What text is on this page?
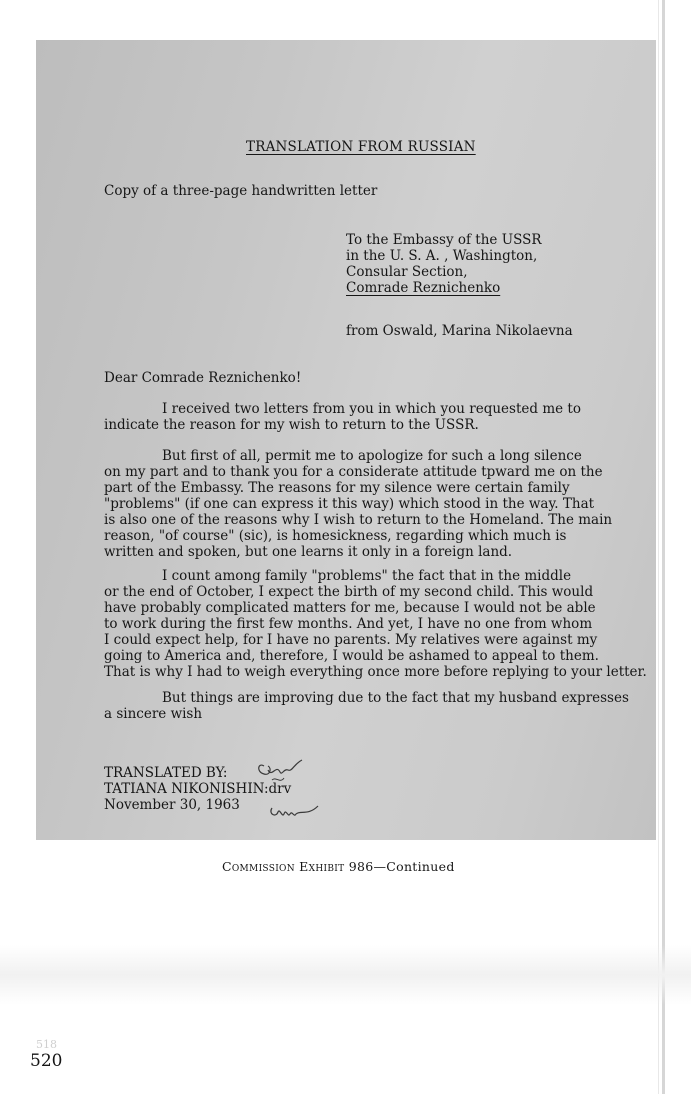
TRANSLATION FROM RUSSIAN
Copy of a three-page handwritten letter
To the Embassy of the USSR
in the U. S. A. , Washington,
Consular Section,
Comrade Reznichenko
from Oswald, Marina Nikolaevna
Dear Comrade Reznichenko!
I received two letters from you in which you requested me to
indicate the reason for my wish to return to the USSR.
But first of all, permit me to apologize for such a long silence
on my part and to thank you for a considerate attitude tpward me on the
part of the Embassy. The reasons for my silence were certain family
"problems" (if one can express it this way) which stood in the way. That
is also one of the reasons why I wish to return to the Homeland. The main
reason, "of course" (sic), is homesickness, regarding which much is
written and spoken, but one learns it only in a foreign land.
I count among family "problems" the fact that in the middle
or the end of October, I expect the birth of my second child. This would
have probably complicated matters for me, because I would not be able
to work during the first few months. And yet, I have no one from whom
I could expect help, for I have no parents. My relatives were against my
going to America and, therefore, I would be ashamed to appeal to them.
That is why I had to weigh everything once more before replying to your letter.
But things are improving due to the fact that my husband expresses
a sincere wish
TRANSLATED BY:
TATIANA NIKONISHIN:drv
November 30, 1963
Commission Exhibit 986—Continued
518
520
